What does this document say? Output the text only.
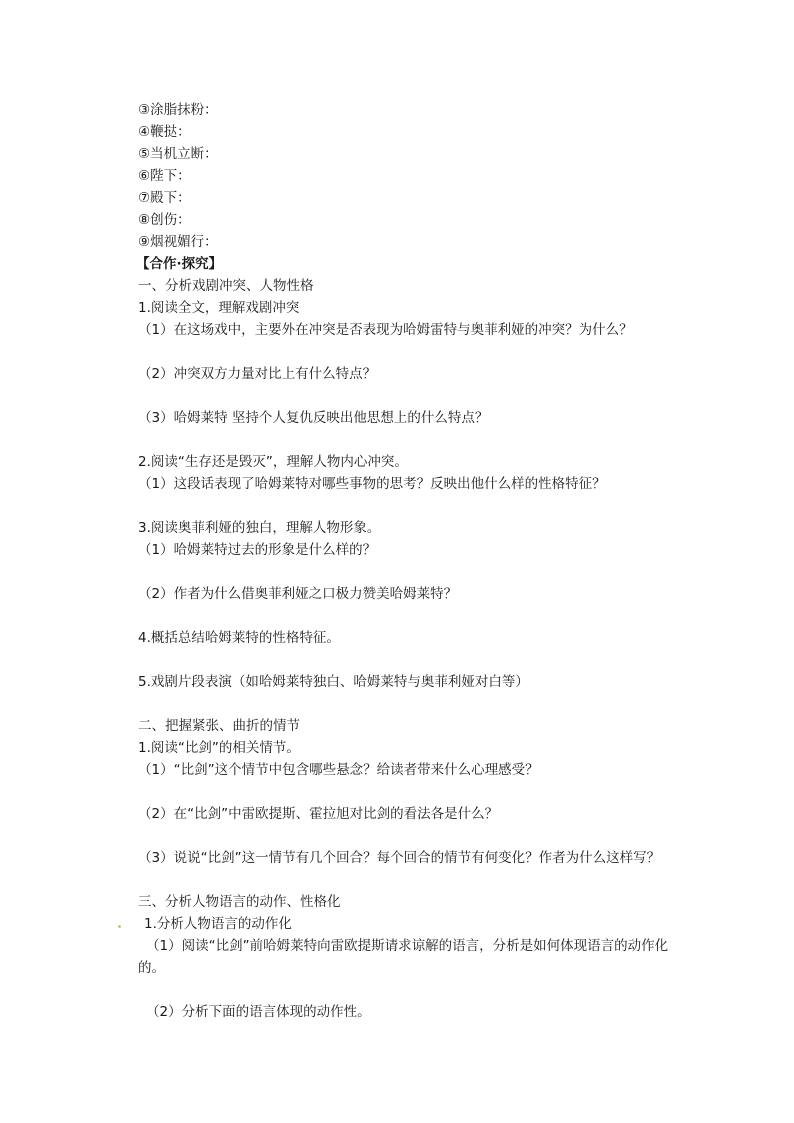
③涂脂抹粉：
④鞭挞：
⑤当机立断：
⑥陛下：
⑦殿下：
⑧创伤：
⑨烟视媚行：
【合作·探究】
一、分析戏剧冲突、人物性格
1.阅读全文，理解戏剧冲突
（1）在这场戏中，主要外在冲突是否表现为哈姆雷特与奥菲利娅的冲突？为什么？
（2）冲突双方力量对比上有什么特点？
（3）哈姆莱特 坚持个人复仇反映出他思想上的什么特点？
2.阅读“生存还是毁灭”，理解人物内心冲突。
（1）这段话表现了哈姆莱特对哪些事物的思考？反映出他什么样的性格特征？
3.阅读奥菲利娅的独白，理解人物形象。
（1）哈姆莱特过去的形象是什么样的？
（2）作者为什么借奥菲利娅之口极力赞美哈姆莱特？
4.概括总结哈姆莱特的性格特征。
5.戏剧片段表演（如哈姆莱特独白、哈姆莱特与奥菲利娅对白等）
二、把握紧张、曲折的情节
1.阅读“比剑”的相关情节。
（1）“比剑”这个情节中包含哪些悬念？给读者带来什么心理感受？
（2）在“比剑”中雷欧提斯、霍拉旭对比剑的看法各是什么？
（3）说说“比剑”这一情节有几个回合？每个回合的情节有何变化？作者为什么这样写？
三、分析人物语言的动作、性格化
1.分析人物语言的动作化
（1）阅读“比剑”前哈姆莱特向雷欧提斯请求谅解的语言，分析是如何体现语言的动作化的。
（2）分析下面的语言体现的动作性。
